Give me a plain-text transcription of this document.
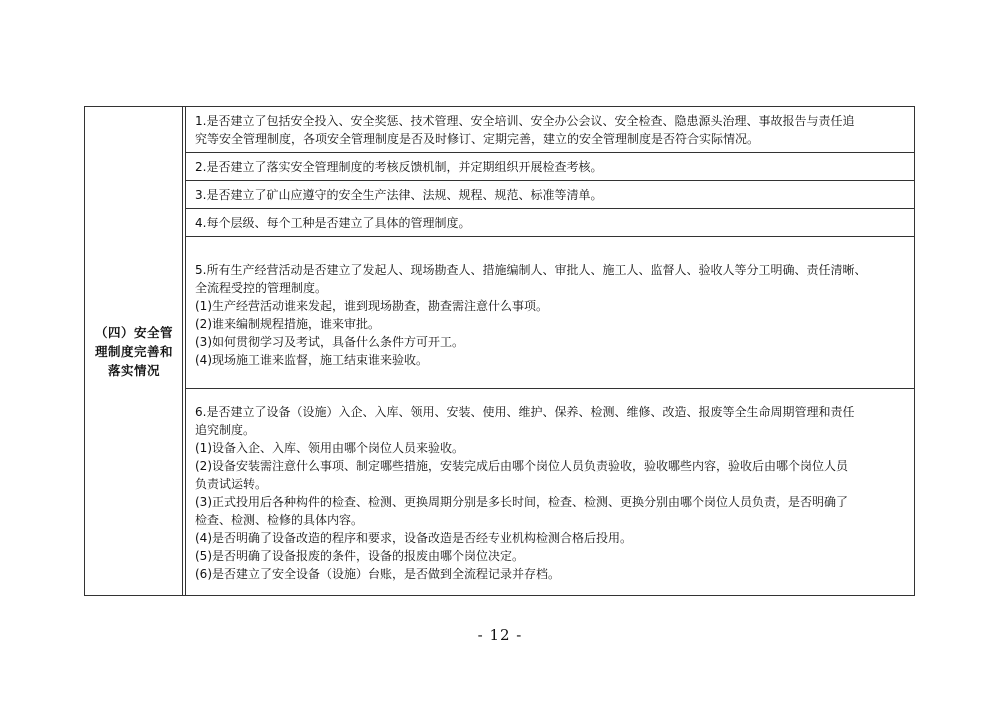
（四）安全管理制度完善和落实情况
1.是否建立了包括安全投入、安全奖惩、技术管理、安全培训、安全办公会议、安全检查、隐患源头治理、事故报告与责任追
究等安全管理制度，各项安全管理制度是否及时修订、定期完善，建立的安全管理制度是否符合实际情况。
2.是否建立了落实安全管理制度的考核反馈机制，并定期组织开展检查考核。
3.是否建立了矿山应遵守的安全生产法律、法规、规程、规范、标准等清单。
4.每个层级、每个工种是否建立了具体的管理制度。
5.所有生产经营活动是否建立了发起人、现场勘查人、措施编制人、审批人、施工人、监督人、验收人等分工明确、责任清晰、
全流程受控的管理制度。
(1)生产经营活动谁来发起，谁到现场勘查，勘查需注意什么事项。
(2)谁来编制规程措施，谁来审批。
(3)如何贯彻学习及考试，具备什么条件方可开工。
(4)现场施工谁来监督，施工结束谁来验收。
6.是否建立了设备（设施）入企、入库、领用、安装、使用、维护、保养、检测、维修、改造、报废等全生命周期管理和责任
追究制度。
(1)设备入企、入库、领用由哪个岗位人员来验收。
(2)设备安装需注意什么事项、制定哪些措施，安装完成后由哪个岗位人员负责验收，验收哪些内容，验收后由哪个岗位人员
负责试运转。
(3)正式投用后各种构件的检查、检测、更换周期分别是多长时间，检查、检测、更换分别由哪个岗位人员负责，是否明确了
检查、检测、检修的具体内容。
(4)是否明确了设备改造的程序和要求，设备改造是否经专业机构检测合格后投用。
(5)是否明确了设备报废的条件，设备的报废由哪个岗位决定。
(6)是否建立了安全设备（设施）台账，是否做到全流程记录并存档。
- 12 -
